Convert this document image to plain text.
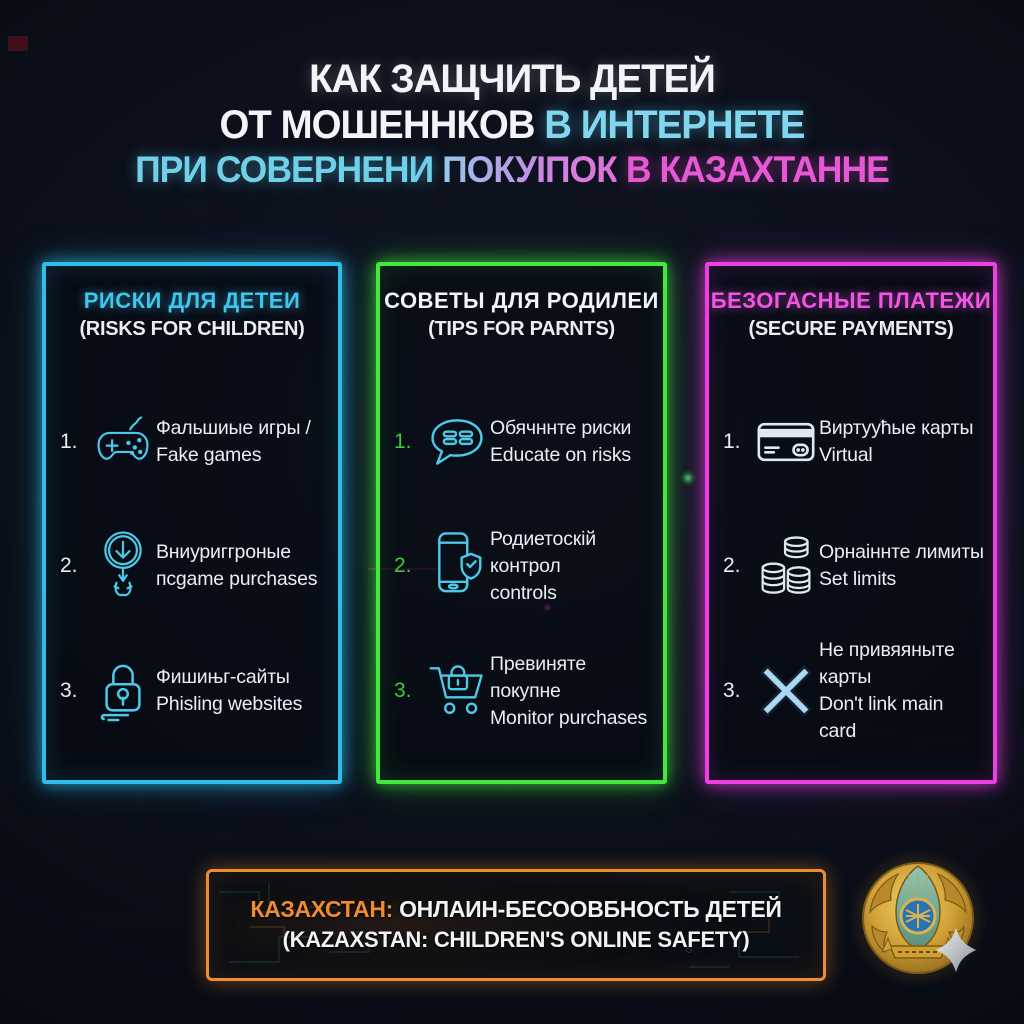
КАК ЗАЩЧИТЬ ДЕТЕЙ
ОТ МОШЕННКОВ В ИНТЕРНЕТЕ
ПРИ СОВЕРНЕНИ ПОКУІПОК В КАЗАХТАННЕ
РИСКИ ДЛЯ ДЕТЕИ
(RISKS FOR CHILDREN)
1.
Фальшиые игры /
Fake games
2.
Вниуриггроные
пcgame purchases
3.
Фишињг-сайты
Phisling websites
СОВЕТЫ ДЛЯ РОДИЛЕИ
(TIPS FOR PARNTS)
1.
Обячннте риски
Educate on risks
2.
Родиетоскій контрол
controls
3.
Превиняте покупне
Monitor purchases
БЕЗОГАСНЫЕ ПЛАТЕЖИ
(SECURE PAYMENTS)
1.
Виртуућые карты
Virtual
2.
Орнаіннте лимиты
Set limits
3.
Не привяяныте карты
Don't link main card
КАЗАХСТАН: ОНЛАИН-БЕСООВБНОСТЬ ДЕТЕЙ
(KAZAXSTAN: CHILDREN'S ONLINE SAFETY)
